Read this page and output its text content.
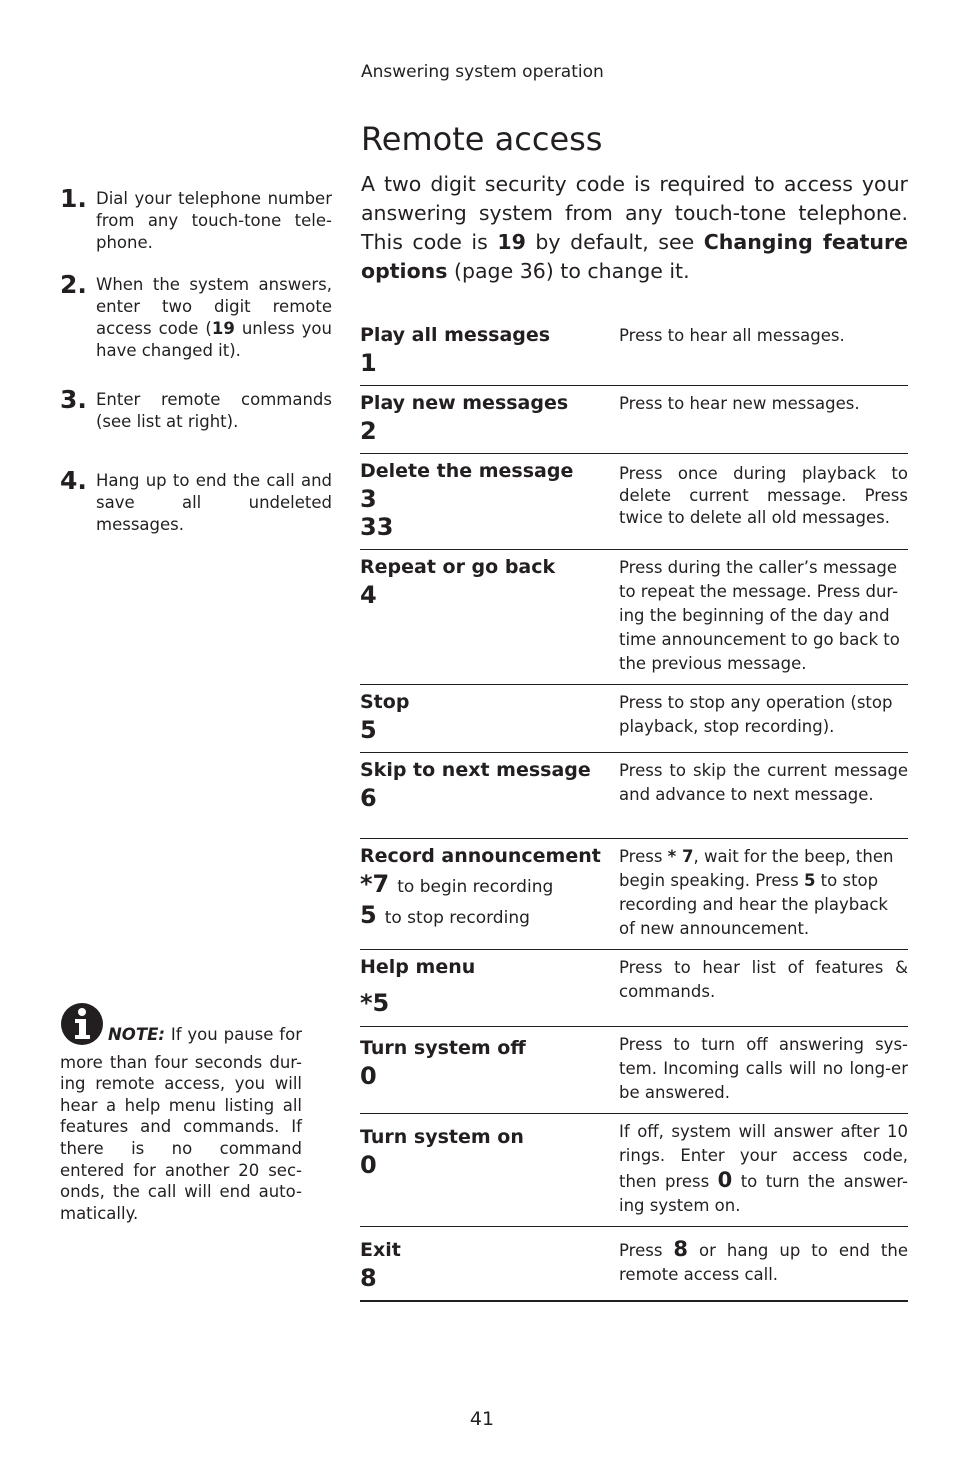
Answering system operation
Remote access

A two digit security code is required to access your answering system from any touch-tone telephone. This code is 19 by default, see Changing feature options (page 36) to change it.

1. Dial your telephone number from any touch-tone tele-phone.
2. When the system answers, enter two digit remote access code (19 unless you have changed it).
3. Enter remote commands (see list at right).
4. Hang up to end the call and save all undeleted messages.
NOTE: If you pause for more than four seconds dur-ing remote access, you will hear a help menu listing all features and commands. If there is no command entered for another 20 sec-onds, the call will end auto-matically.
Play all messages
1	Press to hear all messages.

Play new messages
2	Press to hear new messages.

Delete the message
3
33	Press once during playback to delete current message. Press twice to delete all old messages.

Repeat or go back
4	Press during the caller’s message to repeat the message. Press dur-ing the beginning of the day and time announcement to go back to the previous message.

Stop
5	Press to stop any operation (stop playback, stop recording).

Skip to next message
6	Press to skip the current message and advance to next message.

Record announcement
*7 to begin recording
5 to stop recording	Press * 7, wait for the beep, then begin speaking. Press 5 to stop recording and hear the playback of new announcement.

Help menu
*5	Press to hear list of features & commands.

Turn system off
0	Press to turn off answering sys-tem. Incoming calls will no long-er be answered.

Turn system on
0	If off, system will answer after 10 rings. Enter your access code, then press 0 to turn the answer-ing system on.

Exit
8	Press 8 or hang up to end the remote access call.
41
